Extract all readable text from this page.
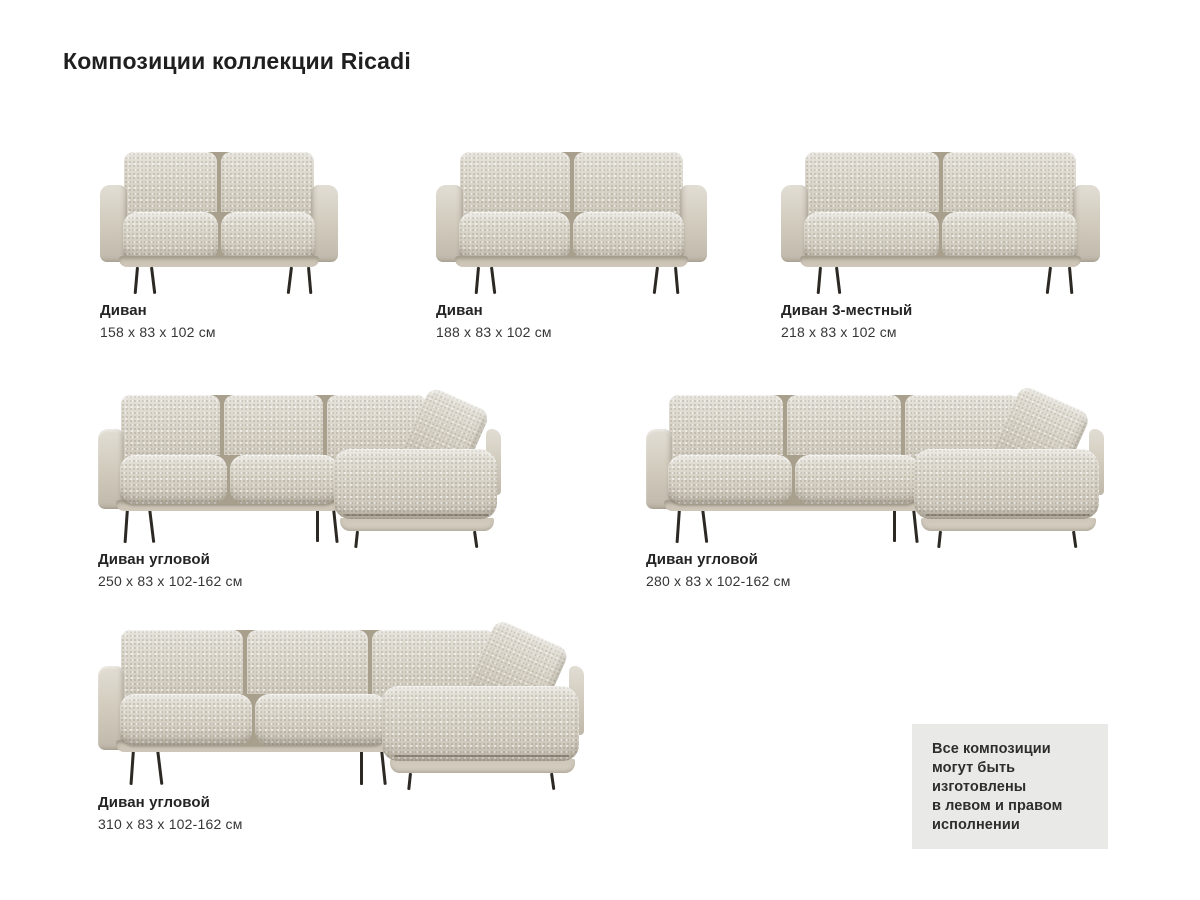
Композиции коллекции Ricadi
Диван
158 x 83 x 102 см
Диван
188 x 83 x 102 см
Диван 3-местный
218 x 83 x 102 см
Диван угловой
250 x 83 x 102-162 см
Диван угловой
280 x 83 x 102-162 см
Диван угловой
310 x 83 x 102-162 см
Все композиции
могут быть изготовлены
в левом и правом
исполнении
